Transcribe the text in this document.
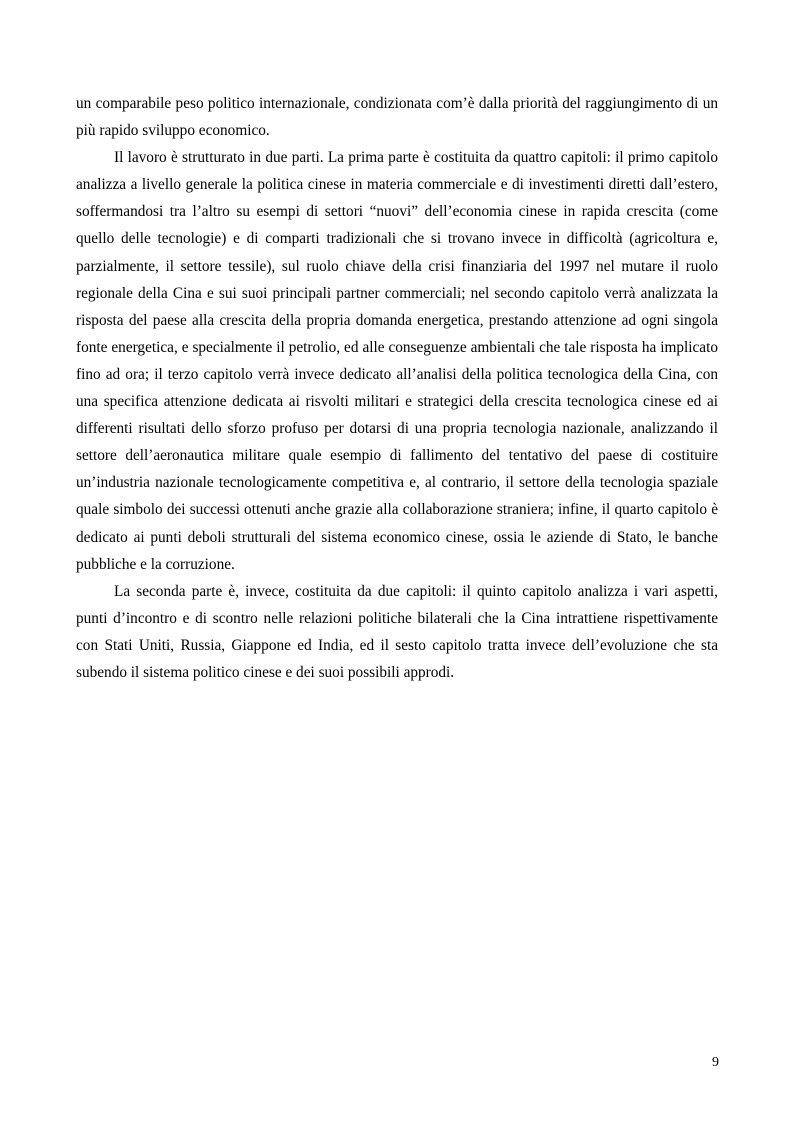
un comparabile peso politico internazionale, condizionata com’è dalla priorità del raggiungimento di un più rapido sviluppo economico.

Il lavoro è strutturato in due parti. La prima parte è costituita da quattro capitoli: il primo capitolo analizza a livello generale la politica cinese in materia commerciale e di investimenti diretti dall’estero, soffermandosi tra l’altro su esempi di settori “nuovi” dell’economia cinese in rapida crescita (come quello delle tecnologie) e di comparti tradizionali che si trovano invece in difficoltà (agricoltura e, parzialmente, il settore tessile), sul ruolo chiave della crisi finanziaria del 1997 nel mutare il ruolo regionale della Cina e sui suoi principali partner commerciali; nel secondo capitolo verrà analizzata la risposta del paese alla crescita della propria domanda energetica, prestando attenzione ad ogni singola fonte energetica, e specialmente il petrolio, ed alle conseguenze ambientali che tale risposta ha implicato fino ad ora; il terzo capitolo verrà invece dedicato all’analisi della politica tecnologica della Cina, con una specifica attenzione dedicata ai risvolti militari e strategici della crescita tecnologica cinese ed ai differenti risultati dello sforzo profuso per dotarsi di una propria tecnologia nazionale, analizzando il settore dell’aeronautica militare quale esempio di fallimento del tentativo del paese di costituire un’industria nazionale tecnologicamente competitiva e, al contrario, il settore della tecnologia spaziale quale simbolo dei successi ottenuti anche grazie alla collaborazione straniera; infine, il quarto capitolo è dedicato ai punti deboli strutturali del sistema economico cinese, ossia le aziende di Stato, le banche pubbliche e la corruzione.

La seconda parte è, invece, costituita da due capitoli: il quinto capitolo analizza i vari aspetti, punti d’incontro e di scontro nelle relazioni politiche bilaterali che la Cina intrattiene rispettivamente con Stati Uniti, Russia, Giappone ed India, ed il sesto capitolo tratta invece dell’evoluzione che sta subendo il sistema politico cinese e dei suoi possibili approdi.

9
